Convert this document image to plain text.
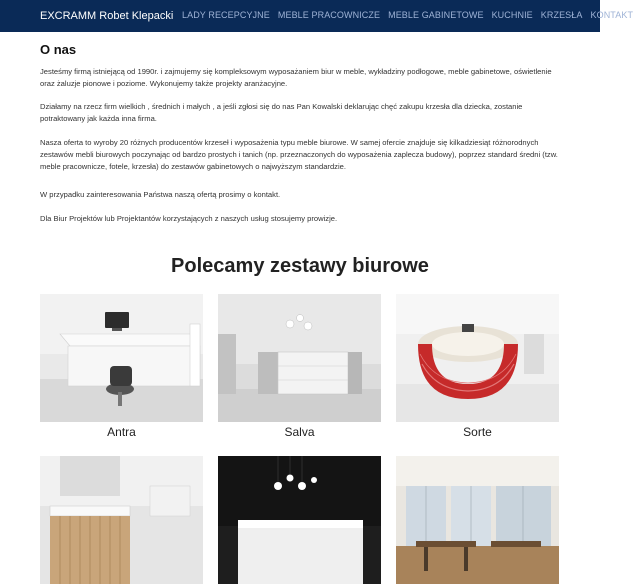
EXCRAMM Robet Klepacki LADY RECEPCYJNE MEBLE PRACOWNICZE MEBLE GABINETOWE KUCHNIE KRZESŁA KONTAKT
O nas

Jesteśmy firmą istniejącą od 1990r. i zajmujemy się kompleksowym wyposażaniem biur w meble, wykładziny podłogowe, meble gabinetowe, oświetlenie oraz żaluzje pionowe i poziome. Wykonujemy także projekty aranżacyjne.

Działamy na rzecz firm wielkich , średnich i małych , a jeśli zgłosi się do nas Pan Kowalski deklarując chęć zakupu krzesła dla dziecka, zostanie potraktowany jak każda inna firma.

Nasza oferta to wyroby 20 różnych producentów krzeseł i wyposażenia typu meble biurowe. W samej ofercie znajduje się kilkadziesiąt różnorodnych zestawów mebli biurowych poczynając od bardzo prostych i tanich (np. przeznaczonych do wyposażenia zaplecza budowy), poprzez standard średni (tzw. meble pracownicze, fotele, krzesła) do zestawów gabinetowych o najwyższym standardzie.

W przypadku zainteresowania Państwa naszą ofertą prosimy o kontakt.

Dla Biur Projektów lub Projektantów korzystających z naszych usług stosujemy prowizje.

Polecamy zestawy biurowe
Antra	Salva	Sorte
